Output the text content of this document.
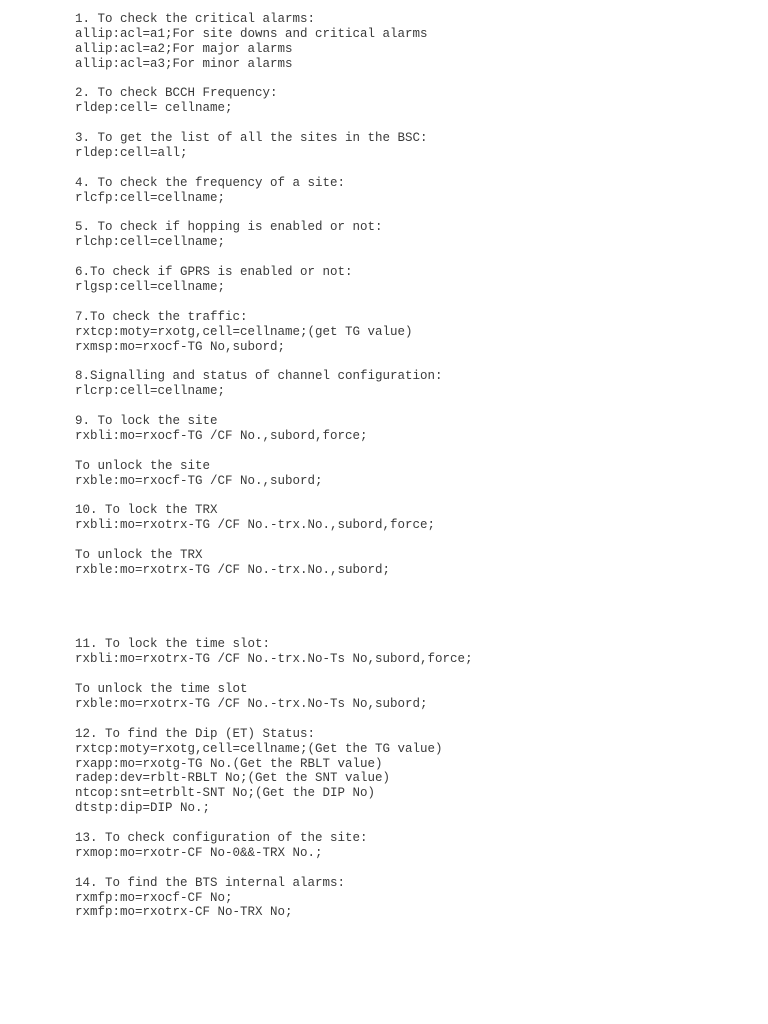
1. To check the critical alarms:
allip:acl=a1;For site downs and critical alarms
allip:acl=a2;For major alarms
allip:acl=a3;For minor alarms
2. To check BCCH Frequency:
rldep:cell= cellname;
3. To get the list of all the sites in the BSC:
rldep:cell=all;
4. To check the frequency of a site:
rlcfp:cell=cellname;
5. To check if hopping is enabled or not:
rlchp:cell=cellname;
6.To check if GPRS is enabled or not:
rlgsp:cell=cellname;
7.To check the traffic:
rxtcp:moty=rxotg,cell=cellname;(get TG value)
rxmsp:mo=rxocf-TG No,subord;
8.Signalling and status of channel configuration:
rlcrp:cell=cellname;
9. To lock the site
rxbli:mo=rxocf-TG /CF No.,subord,force;
To unlock the site
rxble:mo=rxocf-TG /CF No.,subord;
10. To lock the TRX
rxbli:mo=rxotrx-TG /CF No.-trx.No.,subord,force;
To unlock the TRX
rxble:mo=rxotrx-TG /CF No.-trx.No.,subord;
11. To lock the time slot:
rxbli:mo=rxotrx-TG /CF No.-trx.No-Ts No,subord,force;
To unlock the time slot
rxble:mo=rxotrx-TG /CF No.-trx.No-Ts No,subord;
12. To find the Dip (ET) Status:
rxtcp:moty=rxotg,cell=cellname;(Get the TG value)
rxapp:mo=rxotg-TG No.(Get the RBLT value)
radep:dev=rblt-RBLT No;(Get the SNT value)
ntcop:snt=etrblt-SNT No;(Get the DIP No)
dtstp:dip=DIP No.;
13. To check configuration of the site:
rxmop:mo=rxotr-CF No-0&&-TRX No.;
14. To find the BTS internal alarms:
rxmfp:mo=rxocf-CF No;
rxmfp:mo=rxotrx-CF No-TRX No;
